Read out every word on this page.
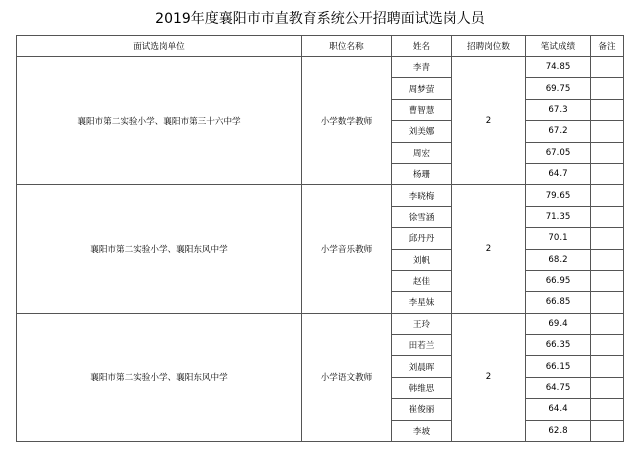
2019年度襄阳市市直教育系统公开招聘面试选岗人员
面试选岗单位	职位名称	姓名	招聘岗位数	笔试成绩	备注
襄阳市第二实验小学、襄阳市第三十六中学	小学数学教师	李青	2	74.85	
		周梦萤		69.75	
		曹智慧		67.3	
		刘美娜		67.2	
		周宏		67.05	
		杨珊		64.7	
襄阳市第二实验小学、襄阳东风中学	小学音乐教师	李晓梅	2	79.65	
		徐雪涵		71.35	
		邱丹丹		70.1	
		刘帆		68.2	
		赵佳		66.95	
		李星妹		66.85	
襄阳市第二实验小学、襄阳东风中学	小学语文教师	王玲	2	69.4	
		田若兰		66.35	
		刘晨晖		66.15	
		韩维思		64.75	
		崔俊丽		64.4	
		李坡		62.8	
